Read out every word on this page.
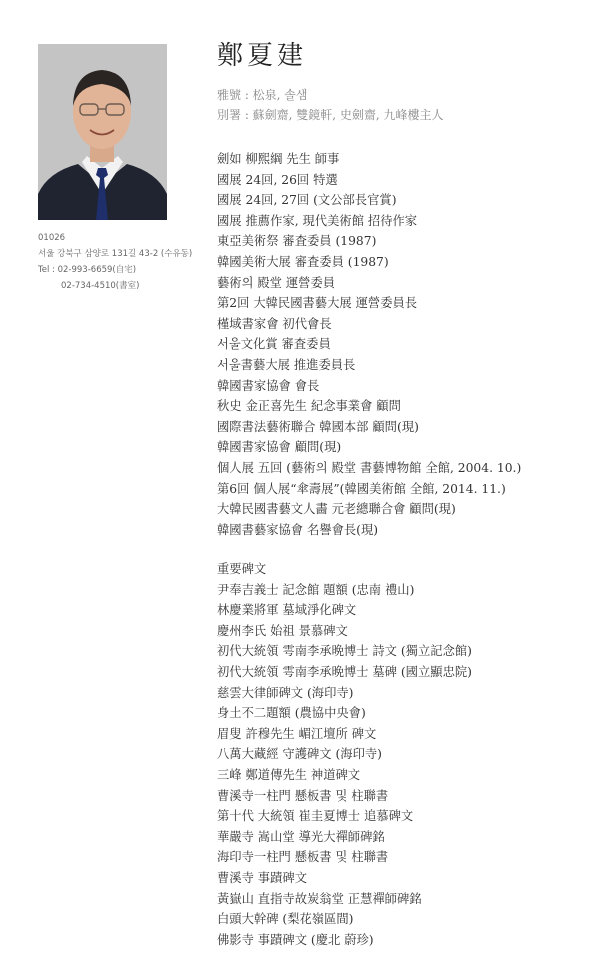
01026
서울 강북구 삼양로 131길 43-2 (수유동)
Tel : 02-993-6659(自宅)
02-734-4510(書室)
鄭夏建
雅號 : 松泉, 솔샘
別署 : 蘇劍齋, 雙鏡軒, 史劍齋, 九峰樓主人
劍如 柳熙綱 先生 師事
國展 24回, 26回 特選
國展 24回, 27回 (文公部長官賞)
國展 推薦作家, 現代美術館 招待作家
東亞美術祭 審査委員 (1987)
韓國美術大展 審査委員 (1987)
藝術의 殿堂 運營委員
第2回 大韓民國書藝大展 運營委員長
槿域書家會 初代會長
서울文化賞 審査委員
서울書藝大展 推進委員長
韓國書家協會 會長
秋史 金正喜先生 紀念事業會 顧問
國際書法藝術聯合 韓國本部 顧問(現)
韓國書家協會 顧問(現)
個人展 五回 (藝術의 殿堂 書藝博物館 全館, 2004. 10.)
第6回 個人展“傘壽展”(韓國美術館 全館, 2014. 11.)
大韓民國書藝文人畵 元老總聯合會 顧問(現)
韓國書藝家協會 名譽會長(現)
重要碑文
尹奉吉義士 記念館 題額 (忠南 禮山)
林慶業將軍 墓域淨化碑文
慶州李氏 始祖 景慕碑文
初代大統領 雩南李承晩博士 詩文 (獨立記念館)
初代大統領 雩南李承晩博士 墓碑 (國立顯忠院)
慈雲大律師碑文 (海印寺)
身土不二題額 (農協中央會)
眉叟 許穆先生 嵋江壇所 碑文
八萬大藏經 守護碑文 (海印寺)
三峰 鄭道傳先生 神道碑文
曹溪寺一柱門 懸板書 및 柱聯書
第十代 大統領 崔圭夏博士 追慕碑文
華嚴寺 嵩山堂 導光大禪師碑銘
海印寺一柱門 懸板書 및 柱聯書
曹溪寺 事蹟碑文
黃嶽山 直指寺故炭翁堂 正慧禪師碑銘
白頭大幹碑 (梨花嶺區間)
佛影寺 事蹟碑文 (慶北 蔚珍)
